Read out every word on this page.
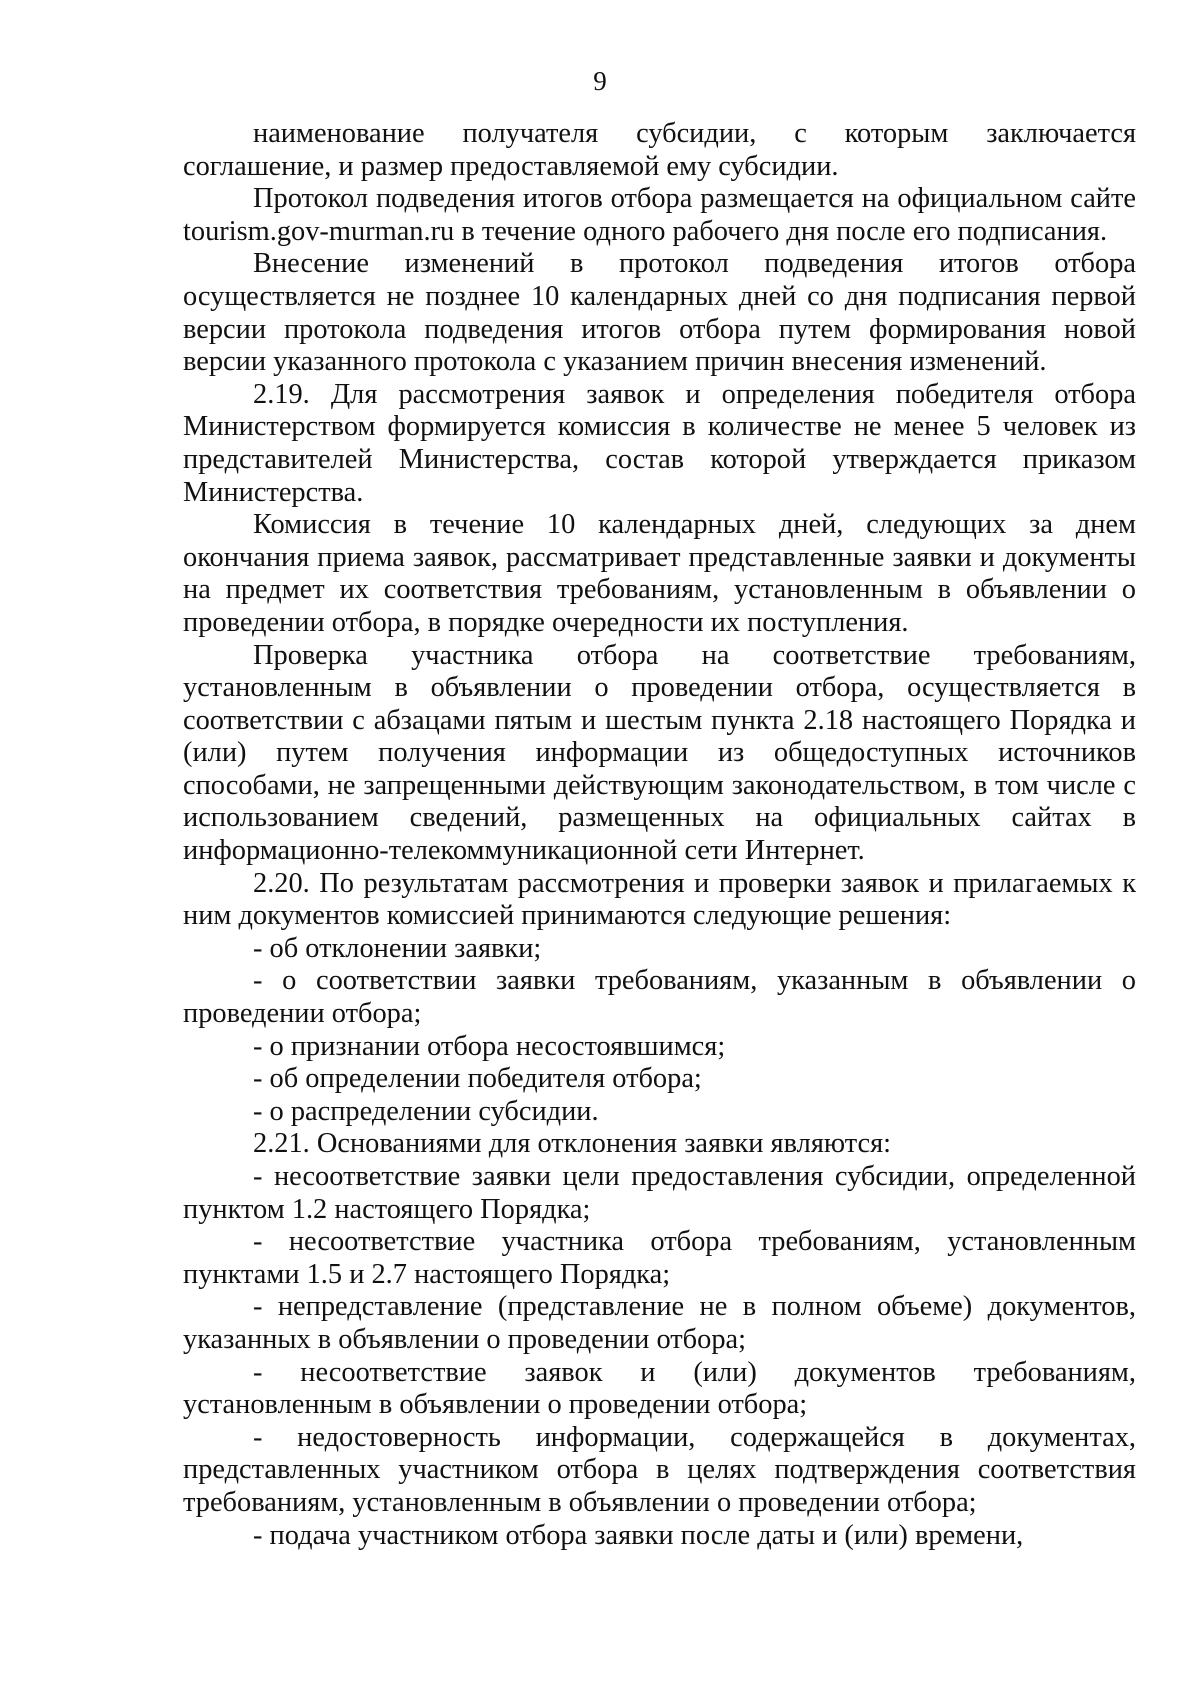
9

наименование получателя субсидии, с которым заключается соглашение, и размер предоставляемой ему субсидии.

Протокол подведения итогов отбора размещается на официальном сайте tourism.gov-murman.ru в течение одного рабочего дня после его подписания.

Внесение изменений в протокол подведения итогов отбора осуществляется не позднее 10 календарных дней со дня подписания первой версии протокола подведения итогов отбора путем формирования новой версии указанного протокола с указанием причин внесения изменений.

2.19. Для рассмотрения заявок и определения победителя отбора Министерством формируется комиссия в количестве не менее 5 человек из представителей Министерства, состав которой утверждается приказом Министерства.

Комиссия в течение 10 календарных дней, следующих за днем окончания приема заявок, рассматривает представленные заявки и документы на предмет их соответствия требованиям, установленным в объявлении о проведении отбора, в порядке очередности их поступления.

Проверка участника отбора на соответствие требованиям, установленным в объявлении о проведении отбора, осуществляется в соответствии с абзацами пятым и шестым пункта 2.18 настоящего Порядка и (или) путем получения информации из общедоступных источников способами, не запрещенными действующим законодательством, в том числе с использованием сведений, размещенных на официальных сайтах в информационно-телекоммуникационной сети Интернет.

2.20. По результатам рассмотрения и проверки заявок и прилагаемых к ним документов комиссией принимаются следующие решения:

- об отклонении заявки;

- о соответствии заявки требованиям, указанным в объявлении о проведении отбора;

- о признании отбора несостоявшимся;

- об определении победителя отбора;

- о распределении субсидии.

2.21. Основаниями для отклонения заявки являются:

- несоответствие заявки цели предоставления субсидии, определенной пунктом 1.2 настоящего Порядка;

- несоответствие участника отбора требованиям, установленным пунктами 1.5 и 2.7 настоящего Порядка;

- непредставление (представление не в полном объеме) документов, указанных в объявлении о проведении отбора;

- несоответствие заявок и (или) документов требованиям, установленным в объявлении о проведении отбора;

- недостоверность информации, содержащейся в документах, представленных участником отбора в целях подтверждения соответствия требованиям, установленным в объявлении о проведении отбора;

- подача участником отбора заявки после даты и (или) времени,
